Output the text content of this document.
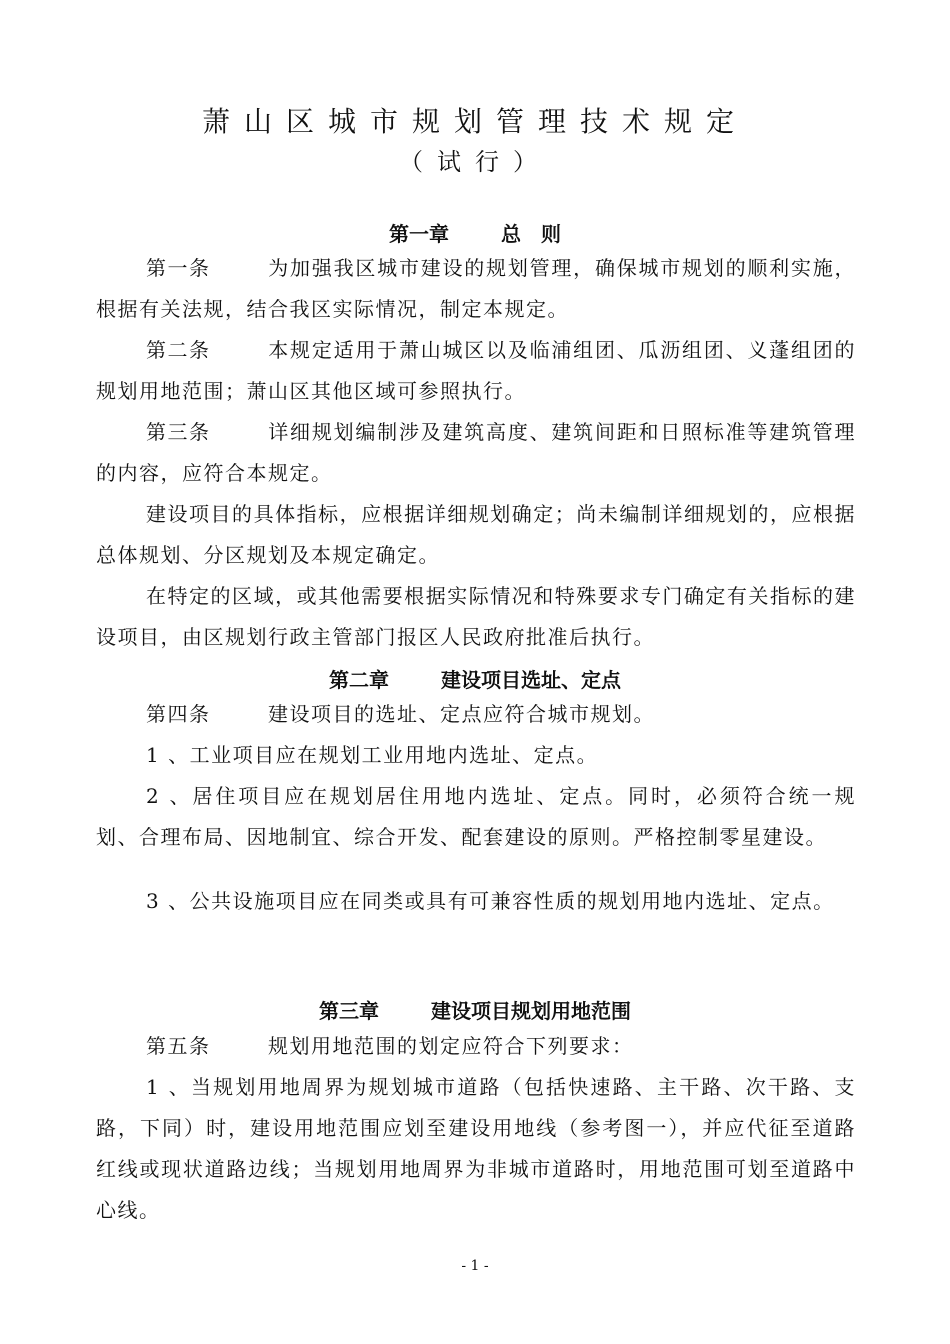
萧山区城市规划管理技术规定
（试行）
第一章	总　则
第一条	为加强我区城市建设的规划管理，确保城市规划的顺利实施，根据有关法规，结合我区实际情况，制定本规定。
第二条	本规定适用于萧山城区以及临浦组团、瓜沥组团、义蓬组团的规划用地范围；萧山区其他区域可参照执行。
第三条	详细规划编制涉及建筑高度、建筑间距和日照标准等建筑管理的内容，应符合本规定。
建设项目的具体指标，应根据详细规划确定；尚未编制详细规划的，应根据总体规划、分区规划及本规定确定。
在特定的区域，或其他需要根据实际情况和特殊要求专门确定有关指标的建设项目，由区规划行政主管部门报区人民政府批准后执行。
第二章	建设项目选址、定点
第四条	建设项目的选址、定点应符合城市规划。
1 、工业项目应在规划工业用地内选址、定点。
2 、居住项目应在规划居住用地内选址、定点。同时，必须符合统一规划、合理布局、因地制宜、综合开发、配套建设的原则。严格控制零星建设。
3 、公共设施项目应在同类或具有可兼容性质的规划用地内选址、定点。
第三章	建设项目规划用地范围
第五条	规划用地范围的划定应符合下列要求：
1 、当规划用地周界为规划城市道路（包括快速路、主干路、次干路、支路，下同）时，建设用地范围应划至建设用地线（参考图一），并应代征至道路红线或现状道路边线；当规划用地周界为非城市道路时，用地范围可划至道路中心线。
- 1 -
